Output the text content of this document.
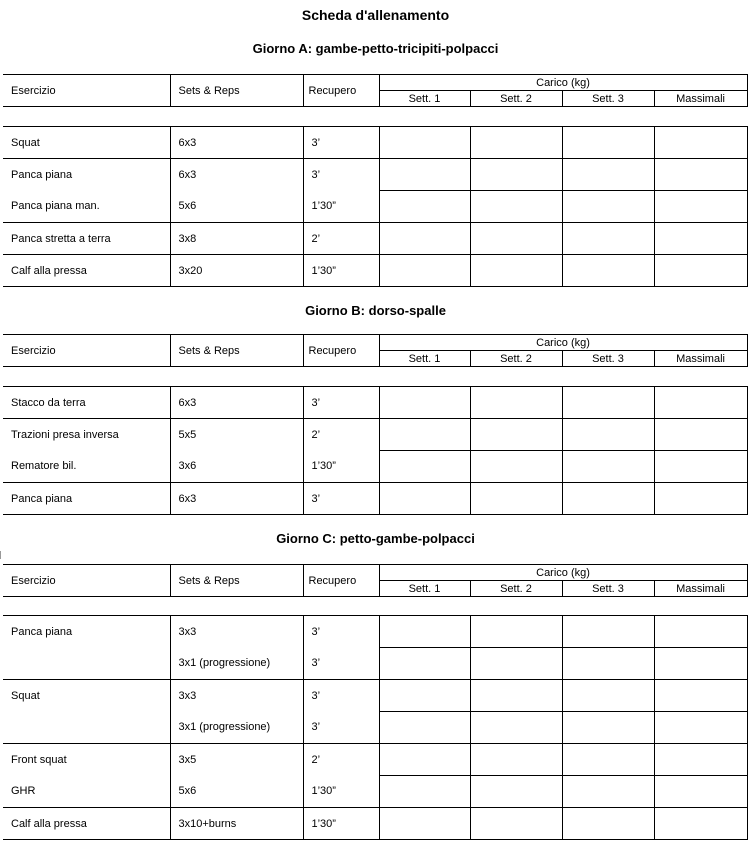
Scheda d'allenamento
Giorno A: gambe-petto-tricipiti-polpacci
Esercizio	Sets & Reps	Recupero	Carico (kg)			
			Sett. 1	Sett. 2	Sett. 3	Massimali
Squat	6x3	3’				
Panca piana	6x3	3’				
Panca piana man.	5x6	1’30”				
Panca stretta a terra	3x8	2’				
Calf alla pressa	3x20	1’30”				
Giorno B: dorso-spalle
Esercizio	Sets & Reps	Recupero	Carico (kg)			
			Sett. 1	Sett. 2	Sett. 3	Massimali
Stacco da terra	6x3	3’				
Trazioni presa inversa	5x5	2’				
Rematore bil.	3x6	1’30”				
Panca piana	6x3	3’				
Giorno C: petto-gambe-polpacci
Esercizio	Sets & Reps	Recupero	Carico (kg)			
			Sett. 1	Sett. 2	Sett. 3	Massimali
Panca piana	3x3	3’				
	3x1 (progressione)	3’				
Squat	3x3	3’				
	3x1 (progressione)	3’				
Front squat	3x5	2’				
GHR	5x6	1’30”				
Calf alla pressa	3x10+burns	1’30”				
